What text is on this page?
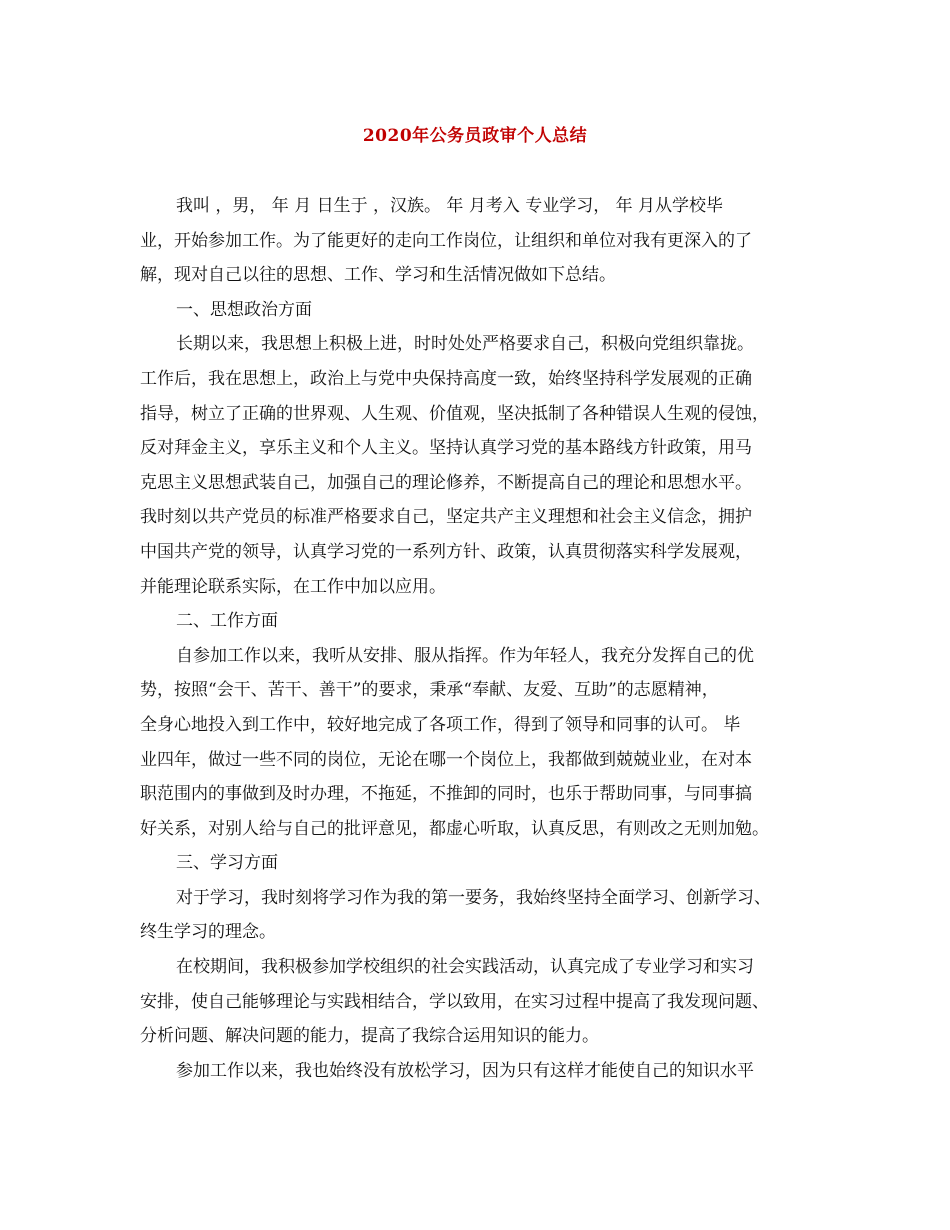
2020年公务员政审个人总结
我叫 ，男， 年 月 日生于 ，汉族。 年 月考入 专业学习， 年 月从学校毕
业，开始参加工作。为了能更好的走向工作岗位，让组织和单位对我有更深入的了
解，现对自己以往的思想、工作、学习和生活情况做如下总结。
一、思想政治方面
长期以来，我思想上积极上进，时时处处严格要求自己，积极向党组织靠拢。
工作后，我在思想上，政治上与党中央保持高度一致，始终坚持科学发展观的正确
指导，树立了正确的世界观、人生观、价值观，坚决抵制了各种错误人生观的侵蚀，
反对拜金主义，享乐主义和个人主义。坚持认真学习党的基本路线方针政策，用马
克思主义思想武装自己，加强自己的理论修养，不断提高自己的理论和思想水平。
我时刻以共产党员的标准严格要求自己，坚定共产主义理想和社会主义信念，拥护
中国共产党的领导，认真学习党的一系列方针、政策，认真贯彻落实科学发展观，
并能理论联系实际，在工作中加以应用。
二、工作方面
自参加工作以来，我听从安排、服从指挥。作为年轻人，我充分发挥自己的优
势，按照“会干、苦干、善干”的要求，秉承“奉献、友爱、互助”的志愿精神，
全身心地投入到工作中，较好地完成了各项工作，得到了领导和同事的认可。 毕
业四年，做过一些不同的岗位，无论在哪一个岗位上，我都做到兢兢业业，在对本
职范围内的事做到及时办理，不拖延，不推卸的同时，也乐于帮助同事，与同事搞
好关系，对别人给与自己的批评意见，都虚心听取，认真反思，有则改之无则加勉。
三、学习方面
对于学习，我时刻将学习作为我的第一要务，我始终坚持全面学习、创新学习、
终生学习的理念。
在校期间，我积极参加学校组织的社会实践活动，认真完成了专业学习和实习
安排，使自己能够理论与实践相结合，学以致用，在实习过程中提高了我发现问题、
分析问题、解决问题的能力，提高了我综合运用知识的能力。
参加工作以来，我也始终没有放松学习，因为只有这样才能使自己的知识水平
